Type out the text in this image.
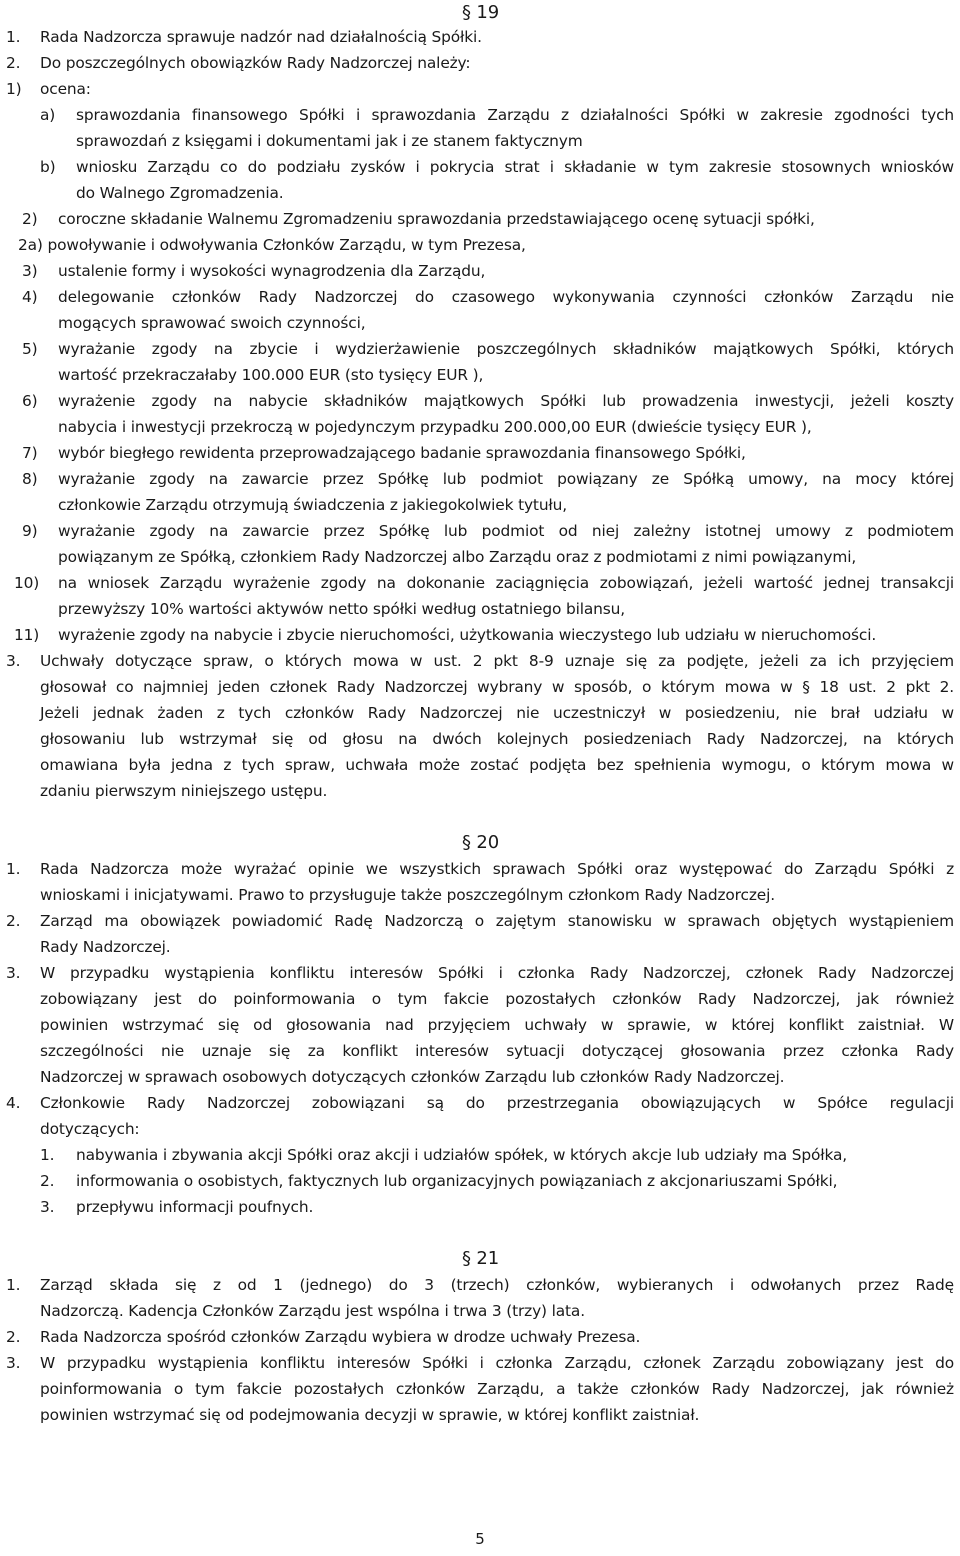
§ 19
1. Rada Nadzorcza sprawuje nadzór nad działalnością Spółki.
2. Do poszczególnych obowiązków Rady Nadzorczej należy:
1) ocena:
a) sprawozdania finansowego Spółki i sprawozdania Zarządu z działalności Spółki w zakresie zgodności tych
sprawozdań z księgami i dokumentami jak i ze stanem faktycznym
b) wniosku Zarządu co do podziału zysków i pokrycia strat i składanie w tym zakresie stosownych wniosków
do Walnego Zgromadzenia.
2) coroczne składanie Walnemu Zgromadzeniu sprawozdania przedstawiającego ocenę sytuacji spółki,
2a) powoływanie i odwoływania Członków Zarządu, w tym Prezesa,
3) ustalenie formy i wysokości wynagrodzenia dla Zarządu,
4) delegowanie członków Rady Nadzorczej do czasowego wykonywania czynności członków Zarządu nie
mogących sprawować swoich czynności,
5) wyrażanie zgody na zbycie i wydzierżawienie poszczególnych składników majątkowych Spółki, których
wartość przekraczałaby 100.000 EUR (sto tysięcy EUR ),
6) wyrażenie zgody na nabycie składników majątkowych Spółki lub prowadzenia inwestycji, jeżeli koszty
nabycia i inwestycji przekroczą w pojedynczym przypadku 200.000,00 EUR (dwieście tysięcy EUR ),
7) wybór biegłego rewidenta przeprowadzającego badanie sprawozdania finansowego Spółki,
8) wyrażanie zgody na zawarcie przez Spółkę lub podmiot powiązany ze Spółką umowy, na mocy której
członkowie Zarządu otrzymują świadczenia z jakiegokolwiek tytułu,
9) wyrażanie zgody na zawarcie przez Spółkę lub podmiot od niej zależny istotnej umowy z podmiotem
powiązanym ze Spółką, członkiem Rady Nadzorczej albo Zarządu oraz z podmiotami z nimi powiązanymi,
10) na wniosek Zarządu wyrażenie zgody na dokonanie zaciągnięcia zobowiązań, jeżeli wartość jednej transakcji
przewyższy 10% wartości aktywów netto spółki według ostatniego bilansu,
11) wyrażenie zgody na nabycie i zbycie nieruchomości, użytkowania wieczystego lub udziału w nieruchomości.
3. Uchwały dotyczące spraw, o których mowa w ust. 2 pkt 8-9 uznaje się za podjęte, jeżeli za ich przyjęciem
głosował co najmniej jeden członek Rady Nadzorczej wybrany w sposób, o którym mowa w § 18 ust. 2 pkt 2.
Jeżeli jednak żaden z tych członków Rady Nadzorczej nie uczestniczył w posiedzeniu, nie brał udziału w
głosowaniu lub wstrzymał się od głosu na dwóch kolejnych posiedzeniach Rady Nadzorczej, na których
omawiana była jedna z tych spraw, uchwała może zostać podjęta bez spełnienia wymogu, o którym mowa w
zdaniu pierwszym niniejszego ustępu.
§ 20
1. Rada Nadzorcza może wyrażać opinie we wszystkich sprawach Spółki oraz występować do Zarządu Spółki z
wnioskami i inicjatywami. Prawo to przysługuje także poszczególnym członkom Rady Nadzorczej.
2. Zarząd ma obowiązek powiadomić Radę Nadzorczą o zajętym stanowisku w sprawach objętych wystąpieniem
Rady Nadzorczej.
3. W przypadku wystąpienia konfliktu interesów Spółki i członka Rady Nadzorczej, członek Rady Nadzorczej
zobowiązany jest do poinformowania o tym fakcie pozostałych członków Rady Nadzorczej, jak również
powinien wstrzymać się od głosowania nad przyjęciem uchwały w sprawie, w której konflikt zaistniał. W
szczególności nie uznaje się za konflikt interesów sytuacji dotyczącej głosowania przez członka Rady
Nadzorczej w sprawach osobowych dotyczących członków Zarządu lub członków Rady Nadzorczej.
4. Członkowie Rady Nadzorczej zobowiązani są do przestrzegania obowiązujących w Spółce regulacji
dotyczących:
1. nabywania i zbywania akcji Spółki oraz akcji i udziałów spółek, w których akcje lub udziały ma Spółka,
2. informowania o osobistych, faktycznych lub organizacyjnych powiązaniach z akcjonariuszami Spółki,
3. przepływu informacji poufnych.
§ 21
1. Zarząd składa się z od 1 (jednego) do 3 (trzech) członków, wybieranych i odwołanych przez Radę
Nadzorczą. Kadencja Członków Zarządu jest wspólna i trwa 3 (trzy) lata.
2. Rada Nadzorcza spośród członków Zarządu wybiera w drodze uchwały Prezesa.
3. W przypadku wystąpienia konfliktu interesów Spółki i członka Zarządu, członek Zarządu zobowiązany jest do
poinformowania o tym fakcie pozostałych członków Zarządu, a także członków Rady Nadzorczej, jak również
powinien wstrzymać się od podejmowania decyzji w sprawie, w której konflikt zaistniał.
5
